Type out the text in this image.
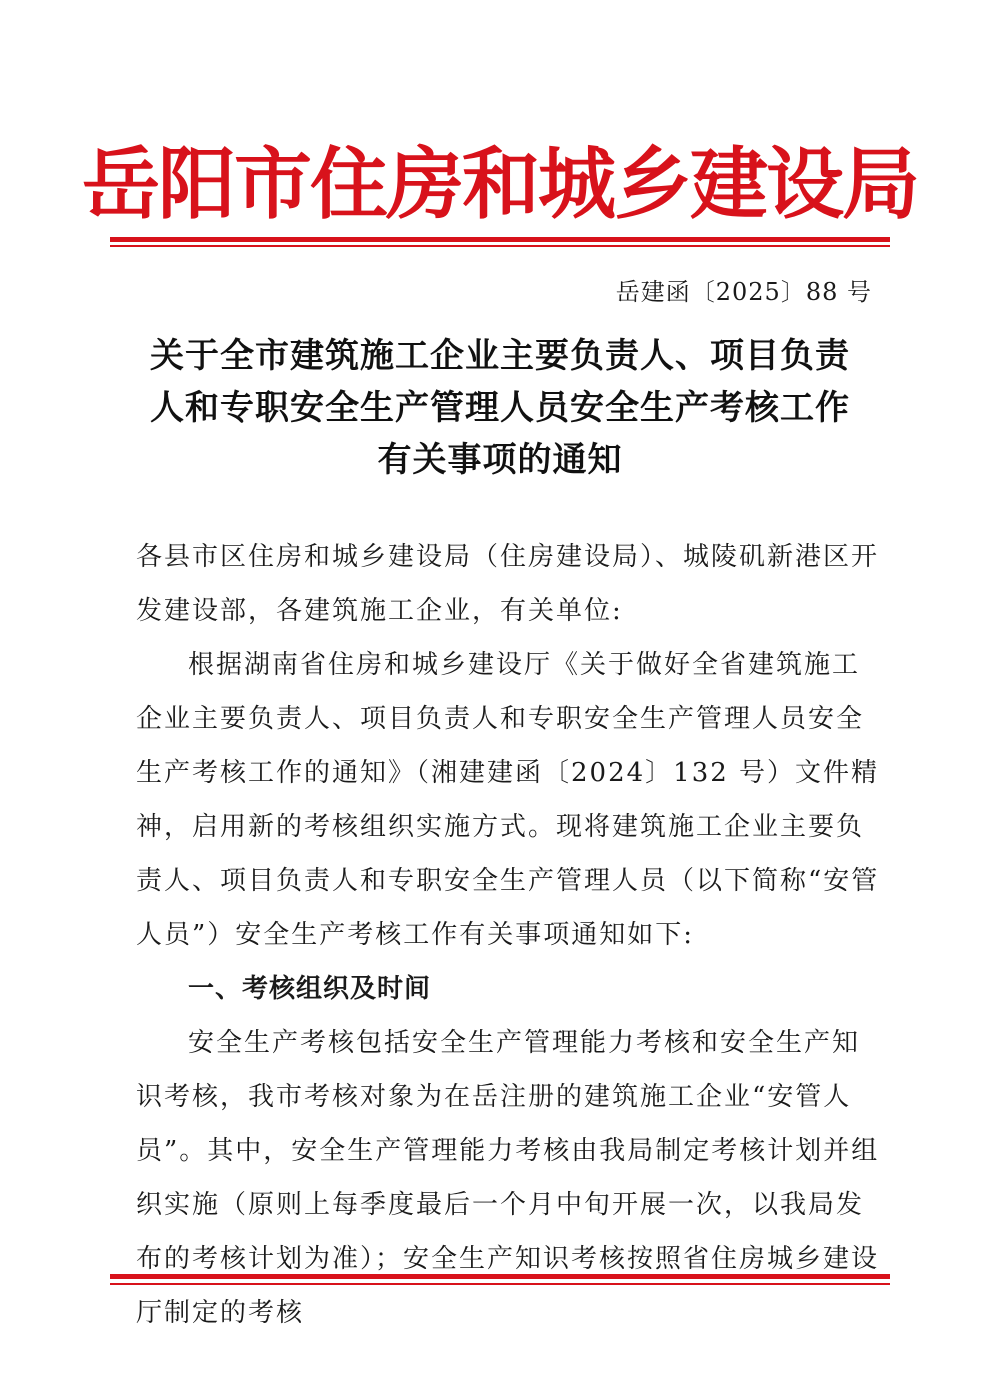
岳阳市住房和城乡建设局
岳建函〔2025〕88 号
关于全市建筑施工企业主要负责人、项目负责
人和专职安全生产管理人员安全生产考核工作
有关事项的通知

各县市区住房和城乡建设局（住房建设局）、城陵矶新港区开发建设部，各建筑施工企业，有关单位:

根据湖南省住房和城乡建设厅《关于做好全省建筑施工企业主要负责人、项目负责人和专职安全生产管理人员安全生产考核工作的通知》（湘建建函〔2024〕132 号）文件精神，启用新的考核组织实施方式。现将建筑施工企业主要负责人、项目负责人和专职安全生产管理人员（以下简称“安管人员”）安全生产考核工作有关事项通知如下:

一、考核组织及时间

安全生产考核包括安全生产管理能力考核和安全生产知识考核，我市考核对象为在岳注册的建筑施工企业“安管人员”。其中，安全生产管理能力考核由我局制定考核计划并组织实施（原则上每季度最后一个月中旬开展一次，以我局发布的考核计划为准）；安全生产知识考核按照省住房城乡建设厅制定的考核
